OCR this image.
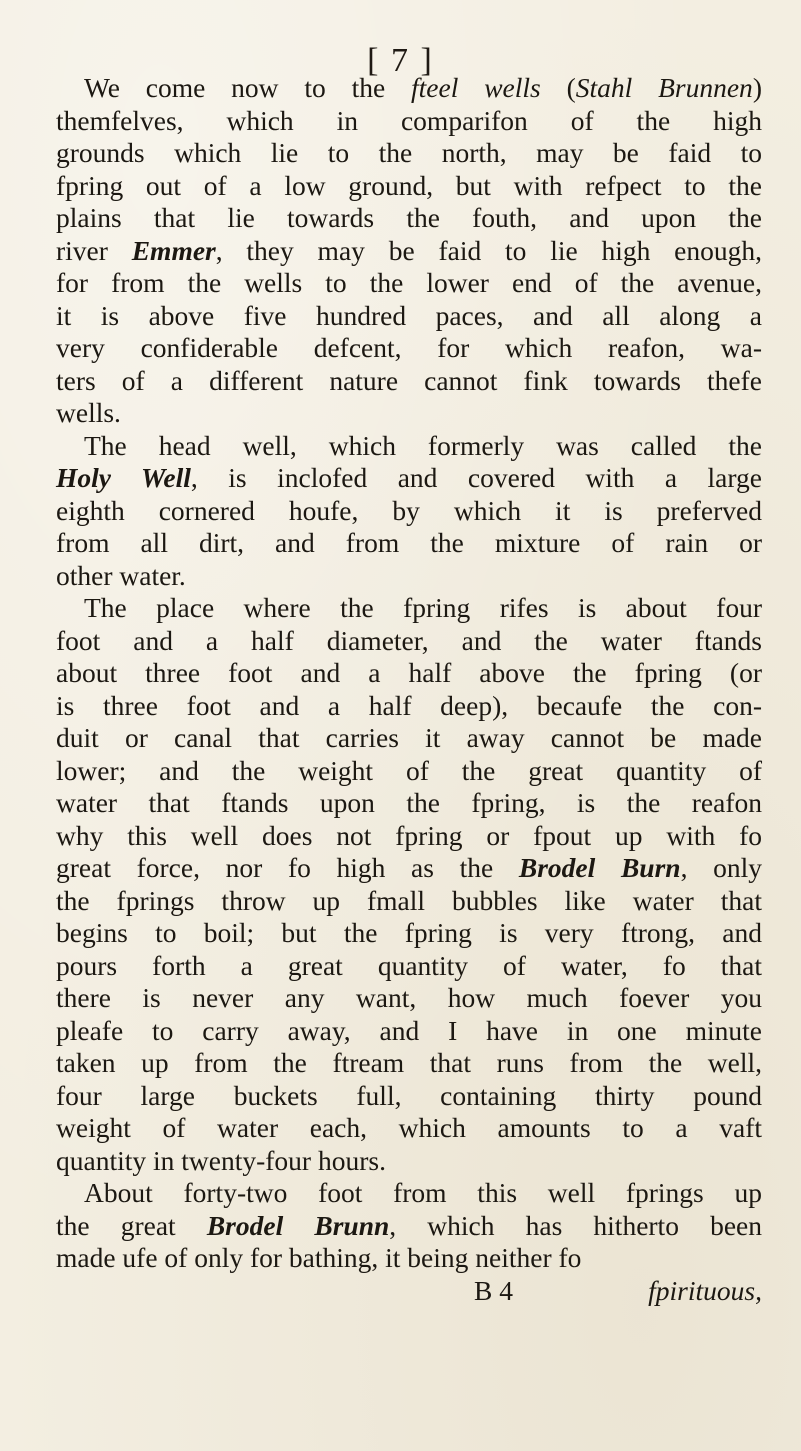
[ 7 ]
We come now to the fteel wells (Stahl Brunnen)
themfelves, which in comparifon of the high
grounds which lie to the north, may be faid to
fpring out of a low ground, but with refpect to the
plains that lie towards the fouth, and upon the
river Emmer, they may be faid to lie high enough,
for from the wells to the lower end of the avenue,
it is above five hundred paces, and all along a
very confiderable defcent, for which reafon, wa-
ters of a different nature cannot fink towards thefe
wells.
The head well, which formerly was called the
Holy Well, is inclofed and covered with a large
eighth cornered houfe, by which it is preferved
from all dirt, and from the mixture of rain or
other water.
The place where the fpring rifes is about four
foot and a half diameter, and the water ftands
about three foot and a half above the fpring (or
is three foot and a half deep), becaufe the con-
duit or canal that carries it away cannot be made
lower; and the weight of the great quantity of
water that ftands upon the fpring, is the reafon
why this well does not fpring or fpout up with fo
great force, nor fo high as the Brodel Burn, only
the fprings throw up fmall bubbles like water that
begins to boil; but the fpring is very ftrong, and
pours forth a great quantity of water, fo that
there is never any want, how much foever you
pleafe to carry away, and I have in one minute
taken up from the ftream that runs from the well,
four large buckets full, containing thirty pound
weight of water each, which amounts to a vaft
quantity in twenty-four hours.
About forty-two foot from this well fprings up
the great Brodel Brunn, which has hitherto been
made ufe of only for bathing, it being neither fo
B 4	fpirituous,
